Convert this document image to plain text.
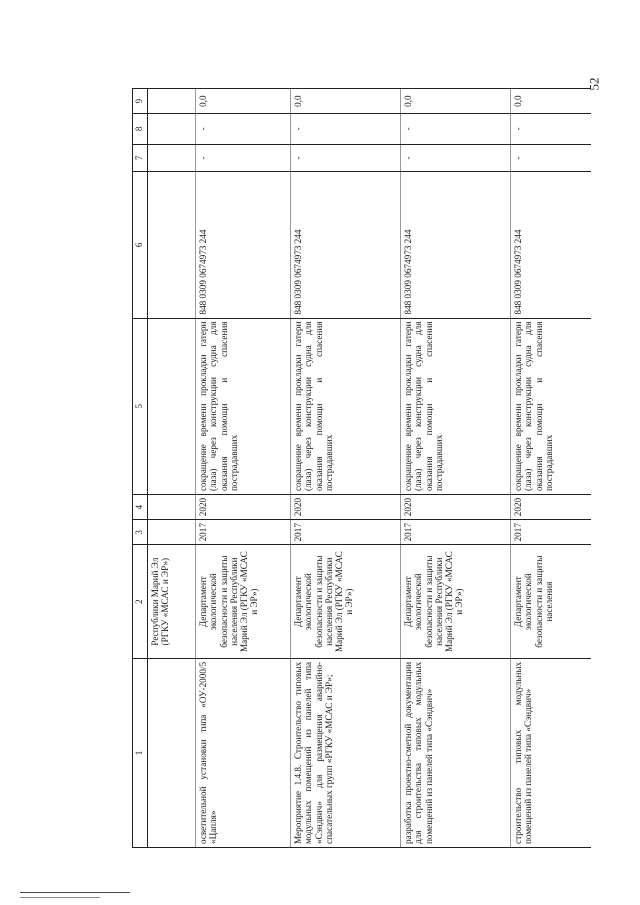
52
1	2	3	4	5	6	7	8	9
	Республики Марий Эл (РГКУ «МСАС и ЭР»)							
осветительной установки типа «ОУ-2000/5 «Цапля»	Департамент экологической безопасности и защиты населения Республики Марий Эл (РГКУ «МСАС и ЭР»)	2017	2020	сокращение времени прокладки гатери (лаза) через конструкции судна для оказания помощи и спасения пострадавших	848 0309 0674973 244	-	-	0,0
Мероприятие 1.4.8. Строительство типовых модульных помещений из панелей типа «Сэндвич» для размещения аварийно-спасательных групп «РГКУ «МСАС и ЭР»;	Департамент экологической безопасности и защиты населения Республики Марий Эл (РГКУ «МСАС и ЭР»)	2017	2020	сокращение времени прокладки гатери (лаза) через конструкции судна для оказания помощи и спасения пострадавших	848 0309 0674973 244	-	-	0,0
разработка проектно-сметной документации для строительства типовых модульных помещений из панелей типа «Сэндвич»	Департамент экологической безопасности и защиты населения Республики Марий Эл (РГКУ «МСАС и ЭР»)	2017	2020	сокращение времени прокладки гатери (лаза) через конструкции судна для оказания помощи и спасения пострадавших	848 0309 0674973 244	-	-	0,0
строительство типовых модульных помещений из панелей типа «Сэндвич»	Департамент экологической безопасности и защиты населения	2017	2020	сокращение времени прокладки гатери (лаза) через конструкции судна для оказания помощи и спасения пострадавших	848 0309 0674973 244	-	-	0,0
